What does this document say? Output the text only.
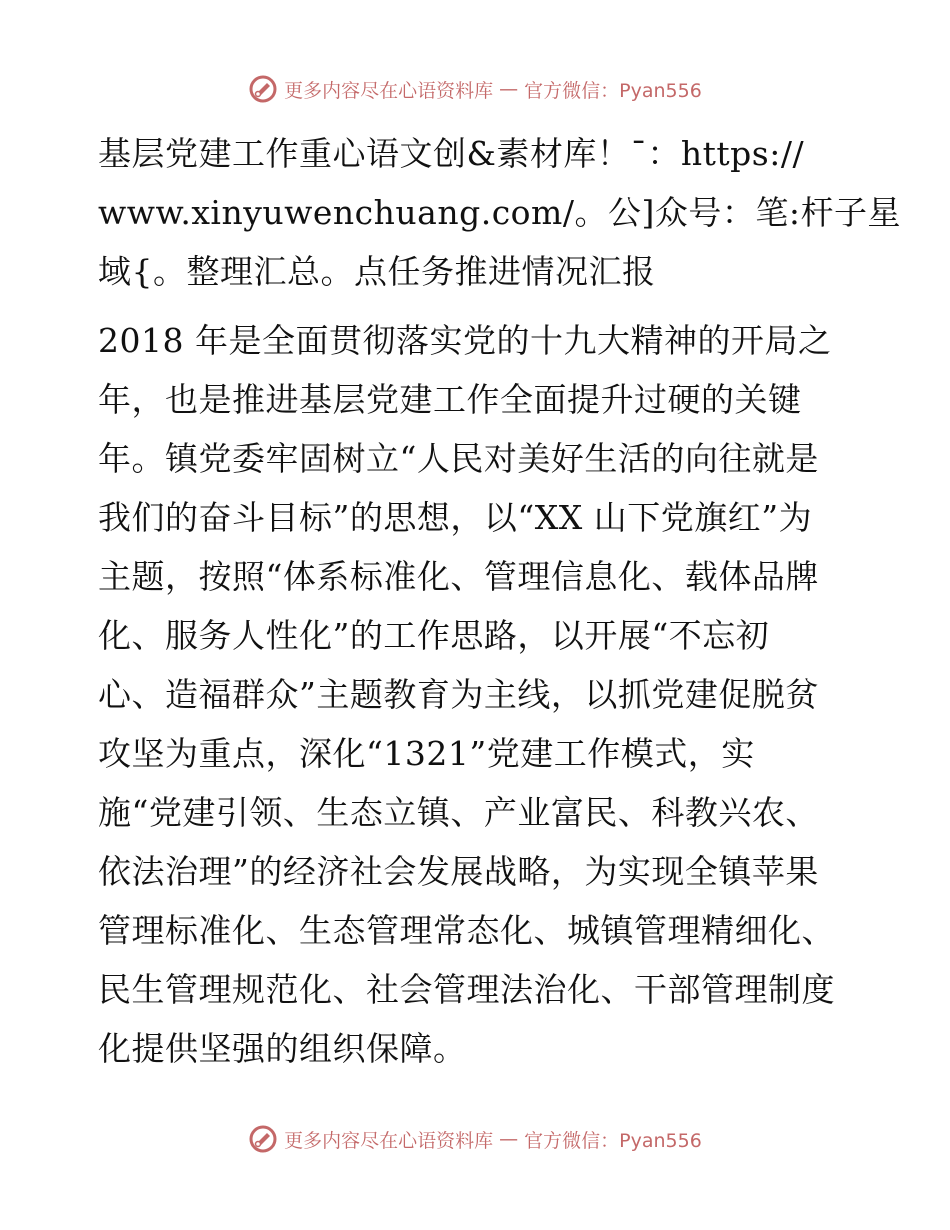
更多内容尽在心语资料库 — 官方微信：Pyan556
基层党建工作重心语文创&素材库！¯：https://
www.xinyuwenchuang.com/。公]众号：笔:杆子星
域{。整理汇总。点任务推进情况汇报
2018 年是全面贯彻落实党的十九大精神的开局之
年，也是推进基层党建工作全面提升过硬的关键
年。镇党委牢固树立“人民对美好生活的向往就是
我们的奋斗目标”的思想，以“XX 山下党旗红”为
主题，按照“体系标准化、管理信息化、载体品牌
化、服务人性化”的工作思路，以开展“不忘初
心、造福群众”主题教育为主线，以抓党建促脱贫
攻坚为重点，深化“1321”党建工作模式，实
施“党建引领、生态立镇、产业富民、科教兴农、
依法治理”的经济社会发展战略，为实现全镇苹果
管理标准化、生态管理常态化、城镇管理精细化、
民生管理规范化、社会管理法治化、干部管理制度
化提供坚强的组织保障。
更多内容尽在心语资料库 — 官方微信：Pyan556
